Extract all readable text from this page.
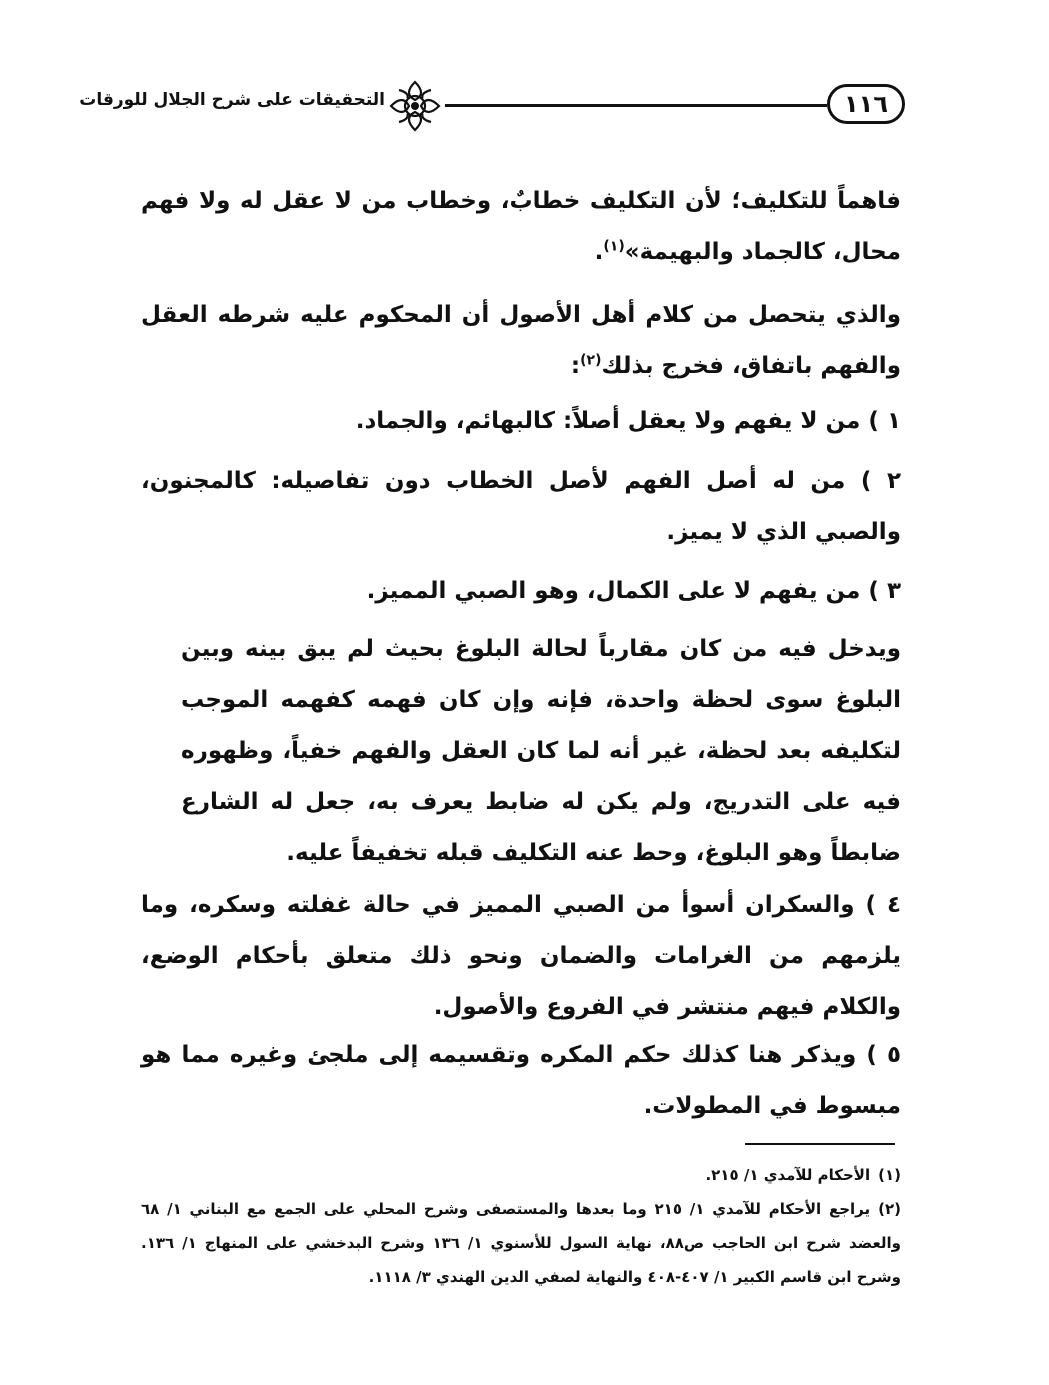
١١٦
التحقيقات على شرح الجلال للورقات

فاهماً للتكليف؛ لأن التكليف خطابٌ، وخطاب من لا عقل له ولا فهم محال، كالجماد والبهيمة»$^{(١)}$.

والذي يتحصل من كلام أهل الأصول أن المحكوم عليه شرطه العقل والفهم باتفاق، فخرج بذلك$^{(٢)}$:

١ ) من لا يفهم ولا يعقل أصلاً: كالبهائم، والجماد.

٢ ) من له أصل الفهم لأصل الخطاب دون تفاصيله: كالمجنون، والصبي الذي لا يميز.

٣ ) من يفهم لا على الكمال، وهو الصبي المميز.

ويدخل فيه من كان مقارباً لحالة البلوغ بحيث لم يبق بينه وبين البلوغ سوى لحظة واحدة، فإنه وإن كان فهمه كفهمه الموجب لتكليفه بعد لحظة، غير أنه لما كان العقل والفهم خفياً، وظهوره فيه على التدريج، ولم يكن له ضابط يعرف به، جعل له الشارع ضابطاً وهو البلوغ، وحط عنه التكليف قبله تخفيفاً عليه.

٤ ) والسكران أسوأ من الصبي المميز في حالة غفلته وسكره، وما يلزمهم من الغرامات والضمان ونحو ذلك متعلق بأحكام الوضع، والكلام فيهم منتشر في الفروع والأصول.

٥ ) ويذكر هنا كذلك حكم المكره وتقسيمه إلى ملجئ وغيره مما هو مبسوط في المطولات.

(١)الأحكام للآمدي ١/ ٢١٥.

(٢)يراجع الأحكام للآمدي ١/ ٢١٥ وما بعدها والمستصفى وشرح المحلي على الجمع مع البناني ١/ ٦٨ والعضد شرح ابن الحاجب ص٨٨، نهاية السول للأسنوي ١/ ١٣٦ وشرح البدخشي على المنهاج ١/ ١٣٦. وشرح ابن قاسم الكبير ١/ ٤٠٧-٤٠٨ والنهاية لصفي الدين الهندي ٣/ ١١١٨.
